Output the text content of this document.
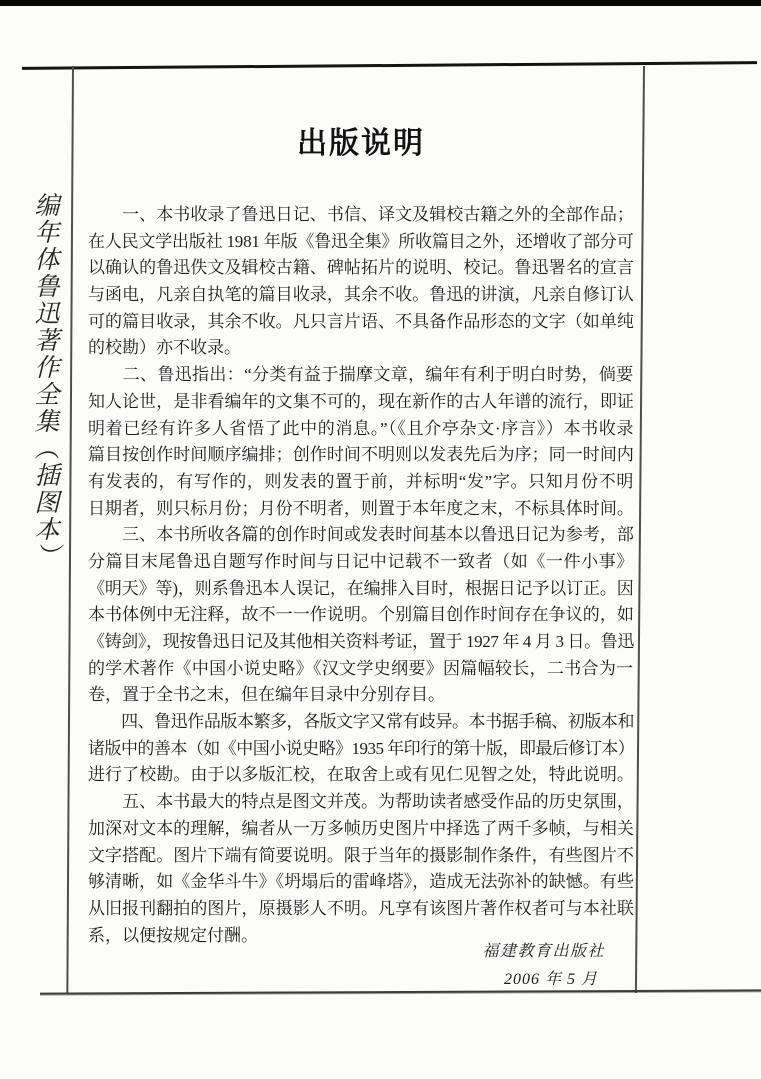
编年体鲁迅著作全集（插图本）
出版说明
　　一、本书收录了鲁迅日记、书信、译文及辑校古籍之外的全部作品；
在人民文学出版社 1981 年版《鲁迅全集》所收篇目之外，还增收了部分可
以确认的鲁迅佚文及辑校古籍、碑帖拓片的说明、校记。鲁迅署名的宣言
与函电，凡亲自执笔的篇目收录，其余不收。鲁迅的讲演，凡亲自修订认
可的篇目收录，其余不收。凡只言片语、不具备作品形态的文字（如单纯
的校勘）亦不收录。
　　二、鲁迅指出：“分类有益于揣摩文章，编年有利于明白时势，倘要
知人论世，是非看编年的文集不可的，现在新作的古人年谱的流行，即证
明着已经有许多人省悟了此中的消息。”（《且介亭杂文·序言》）本书收录
篇目按创作时间顺序编排；创作时间不明则以发表先后为序；同一时间内
有发表的，有写作的，则发表的置于前，并标明“发”字。只知月份不明
日期者，则只标月份；月份不明者，则置于本年度之末，不标具体时间。
　　三、本书所收各篇的创作时间或发表时间基本以鲁迅日记为参考，部
分篇目末尾鲁迅自题写作时间与日记中记载不一致者（如《一件小事》
《明天》等)，则系鲁迅本人误记，在编排入目时，根据日记予以订正。因
本书体例中无注释，故不一一作说明。个别篇目创作时间存在争议的，如
《铸剑》，现按鲁迅日记及其他相关资料考证，置于 1927 年 4 月 3 日。鲁迅
的学术著作《中国小说史略》《汉文学史纲要》因篇幅较长，二书合为一
卷，置于全书之末，但在编年目录中分别存目。
　　四、鲁迅作品版本繁多，各版文字又常有歧异。本书据手稿、初版本和
诸版中的善本（如《中国小说史略》1935 年印行的第十版，即最后修订本）
进行了校勘。由于以多版汇校，在取舍上或有见仁见智之处，特此说明。
　　五、本书最大的特点是图文并茂。为帮助读者感受作品的历史氛围，
加深对文本的理解，编者从一万多帧历史图片中择选了两千多帧，与相关
文字搭配。图片下端有简要说明。限于当年的摄影制作条件，有些图片不
够清晰，如《金华斗牛》《坍塌后的雷峰塔》，造成无法弥补的缺憾。有些
从旧报刊翻拍的图片，原摄影人不明。凡享有该图片著作权者可与本社联
系，以便按规定付酬。
福建教育出版社
2006 年 5 月
